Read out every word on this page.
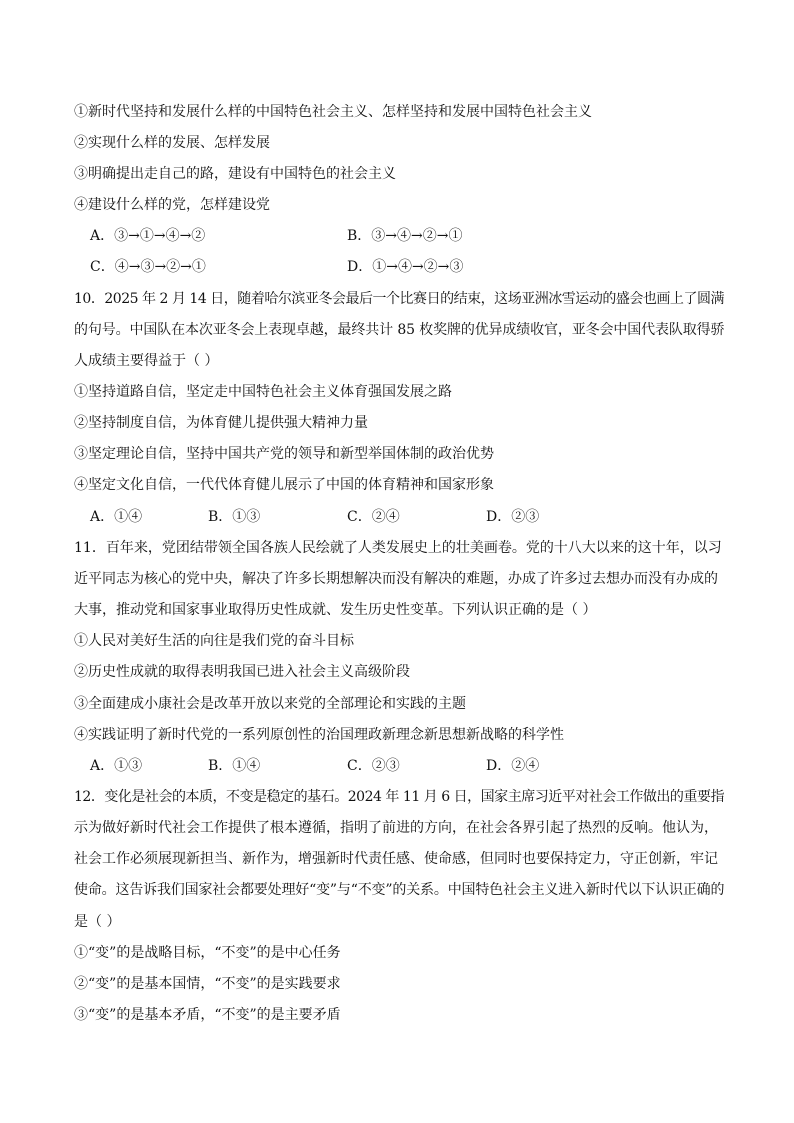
①新时代坚持和发展什么样的中国特色社会主义、怎样坚持和发展中国特色社会主义
②实现什么样的发展、怎样发展
③明确提出走自己的路，建设有中国特色的社会主义
④建设什么样的党，怎样建设党
A．③→①→④→②	B．③→④→②→①
C．④→③→②→①	D．①→④→②→③
10．2025 年 2 月 14 日，随着哈尔滨亚冬会最后一个比赛日的结束，这场亚洲冰雪运动的盛会也画上了圆满
的句号。中国队在本次亚冬会上表现卓越，最终共计 85 枚奖牌的优异成绩收官，亚冬会中国代表队取得骄
人成绩主要得益于（ ）
①坚持道路自信，坚定走中国特色社会主义体育强国发展之路
②坚持制度自信，为体育健儿提供强大精神力量
③坚定理论自信，坚持中国共产党的领导和新型举国体制的政治优势
④坚定文化自信，一代代体育健儿展示了中国的体育精神和国家形象
A．①④	B．①③	C．②④	D．②③
11．百年来，党团结带领全国各族人民绘就了人类发展史上的壮美画卷。党的十八大以来的这十年，以习
近平同志为核心的党中央，解决了许多长期想解决而没有解决的难题，办成了许多过去想办而没有办成的
大事，推动党和国家事业取得历史性成就、发生历史性变革。下列认识正确的是（ ）
①人民对美好生活的向往是我们党的奋斗目标
②历史性成就的取得表明我国已进入社会主义高级阶段
③全面建成小康社会是改革开放以来党的全部理论和实践的主题
④实践证明了新时代党的一系列原创性的治国理政新理念新思想新战略的科学性
A．①③	B．①④	C．②③	D．②④
12．变化是社会的本质，不变是稳定的基石。2024 年 11 月 6 日，国家主席习近平对社会工作做出的重要指
示为做好新时代社会工作提供了根本遵循，指明了前进的方向，在社会各界引起了热烈的反响。他认为，
社会工作必须展现新担当、新作为，增强新时代责任感、使命感，但同时也要保持定力，守正创新，牢记
使命。这告诉我们国家社会都要处理好“变”与“不变”的关系。中国特色社会主义进入新时代以下认识正确的
是（ ）
①“变”的是战略目标，“不变”的是中心任务
②“变”的是基本国情，“不变”的是实践要求
③“变”的是基本矛盾，“不变”的是主要矛盾
